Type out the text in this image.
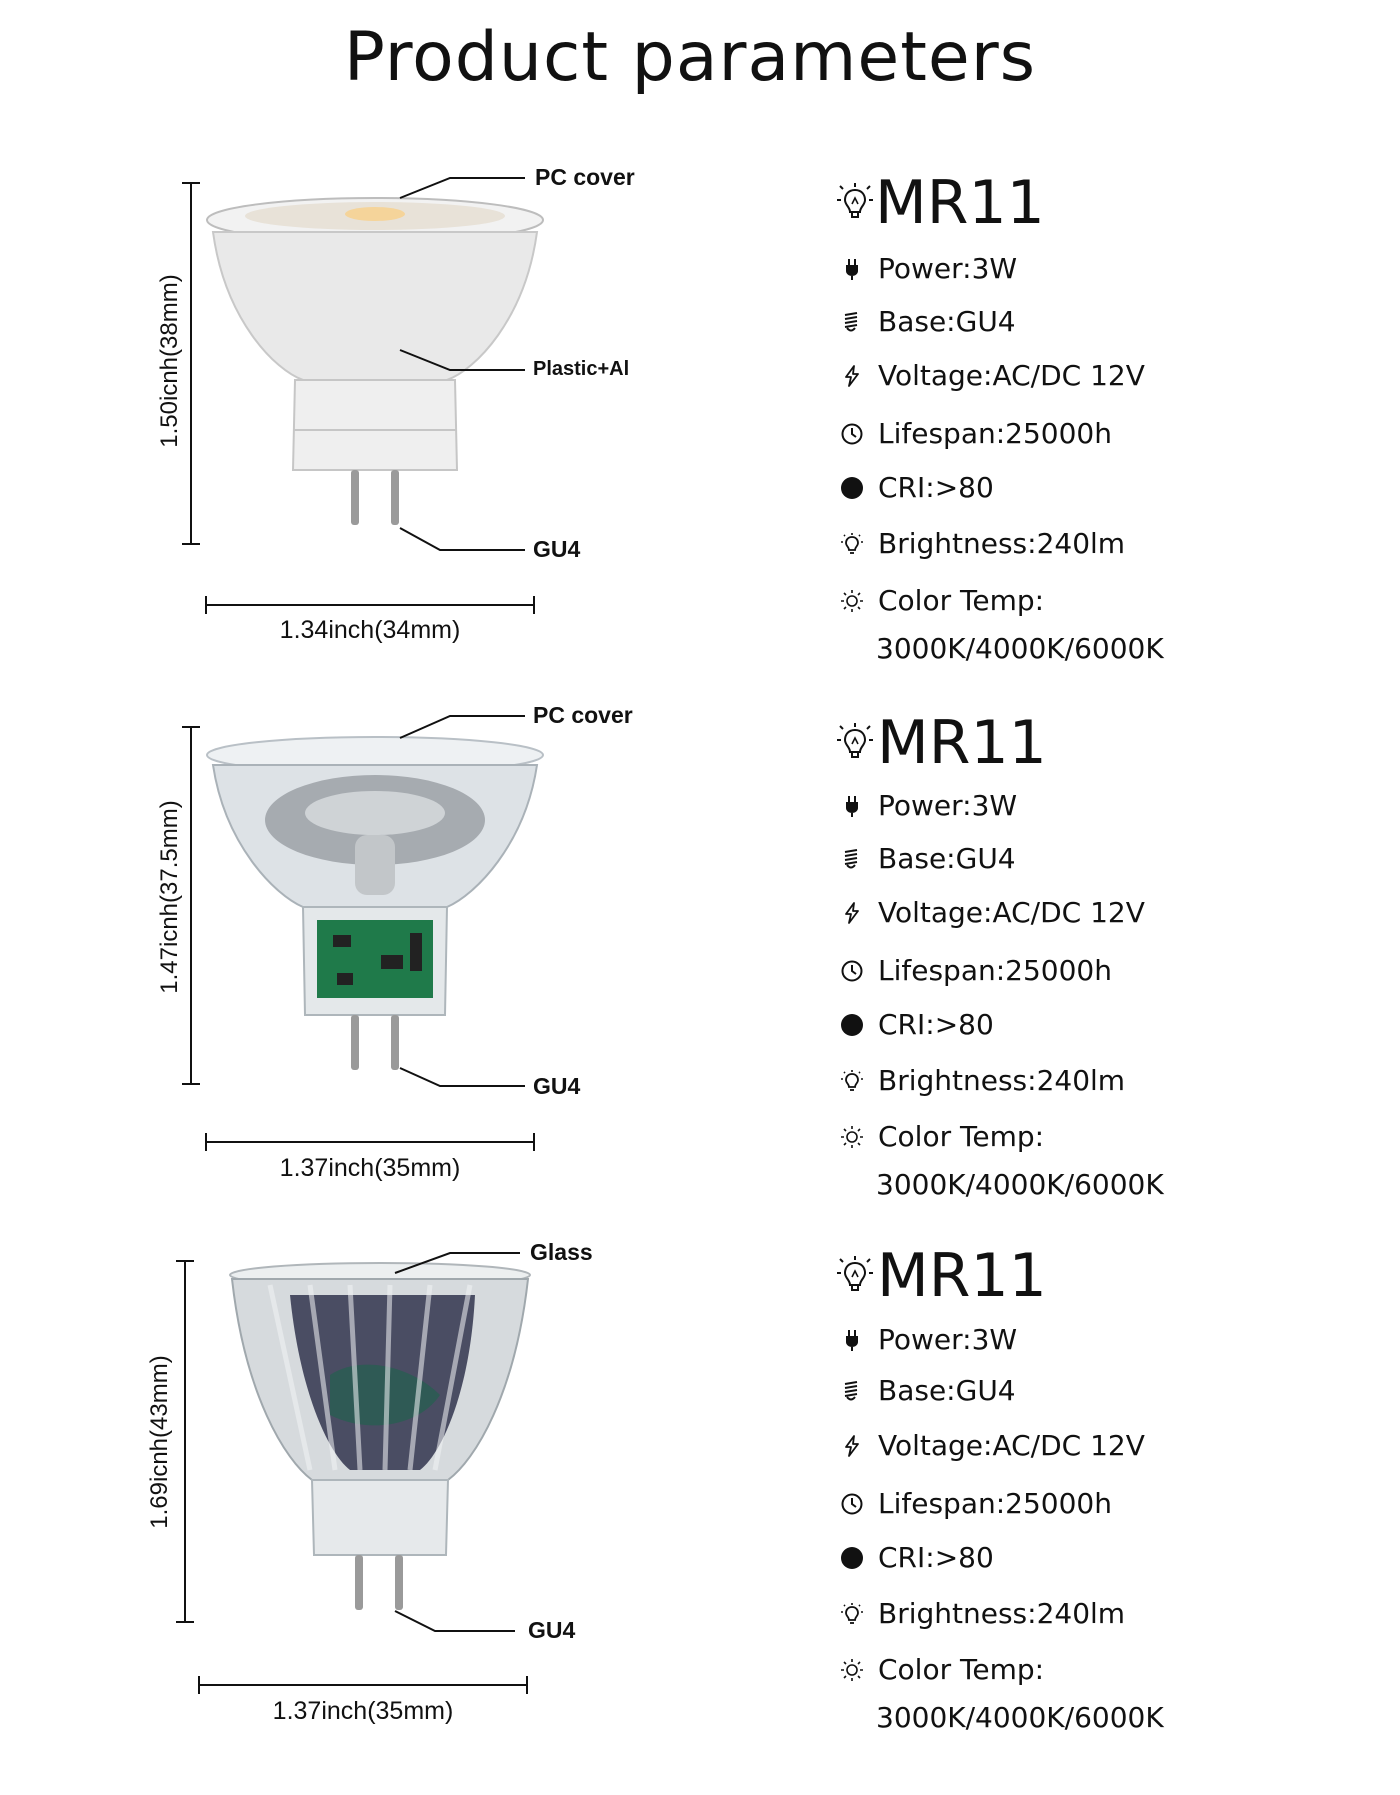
Product parameters
1.50icnh(38mm)
PC cover
Plastic+Al
GU4
1.34inch(34mm)
MR11
Power:3W
Base:GU4
Voltage:AC/DC 12V
Lifespan:25000h
CRI:>80
Brightness:240lm
Color Temp:
3000K/4000K/6000K
1.47icnh(37.5mm)
PC cover
GU4
1.37inch(35mm)
MR11
Power:3W
Base:GU4
Voltage:AC/DC 12V
Lifespan:25000h
CRI:>80
Brightness:240lm
Color Temp:
3000K/4000K/6000K
1.69icnh(43mm)
Glass
GU4
1.37inch(35mm)
MR11
Power:3W
Base:GU4
Voltage:AC/DC 12V
Lifespan:25000h
CRI:>80
Brightness:240lm
Color Temp:
3000K/4000K/6000K
